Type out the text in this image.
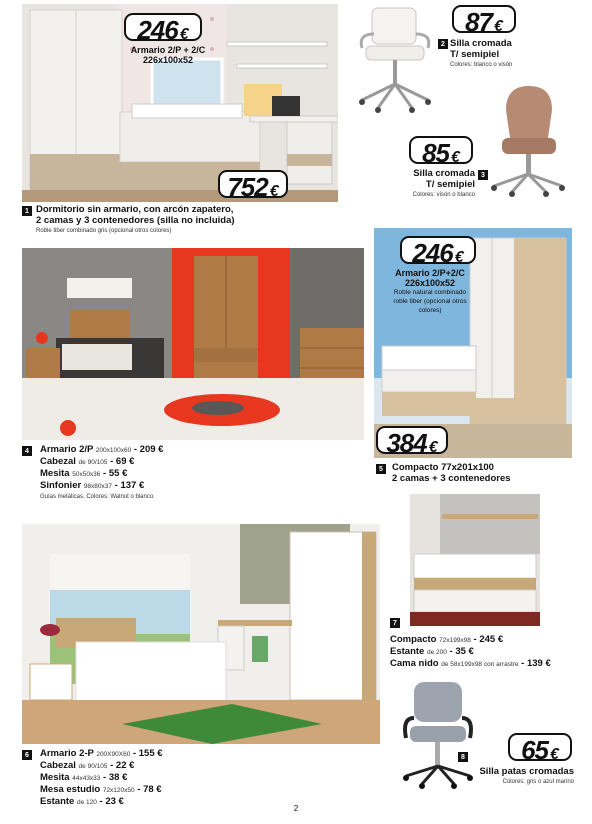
246 €
Armario 2/P + 2/C
226x100x52
752 €
1 Dormitorio sin armario, con arcón zapatero,
2 camas y 3 contenedores (silla no incluida)
Roble tiber combinado gris (opcional otros colores)
87 €
2 Silla cromada
T/ semipiel
Colores: blanco o visón
85 €
Silla cromada
T/ semipiel
Colores: visón o blanco
3
4	Armario 2/P 200x100x60 - 209 €
Cabezal de 90/105 - 69 €
Mesita 50x50x36 - 55 €
Sinfonier 98x80x37 - 137 €
Guías metálicas. Colores: Walnut o blanco.
246 €
Armario 2/P+2/C
226x100x52
Roble natural combinado
roble tiber (opcional otros
colores)
384 €
5 Compacto 77x201x100
2 camas + 3 contenedores
6	Armario 2-P 200X90X60 - 155 €
Cabezal de 90/105 - 22 €
Mesita 44x43x33 - 38 €
Mesa estudio 72x120x50 - 78 €
Estante de 120 - 23 €
7
Compacto 72x199x98 - 245 €
Estante de 200 - 35 €
Cama nido de 58x199x98 con arrastre - 139 €
65 €
8
Silla patas cromadas
Colores: gris o azul marino
2
